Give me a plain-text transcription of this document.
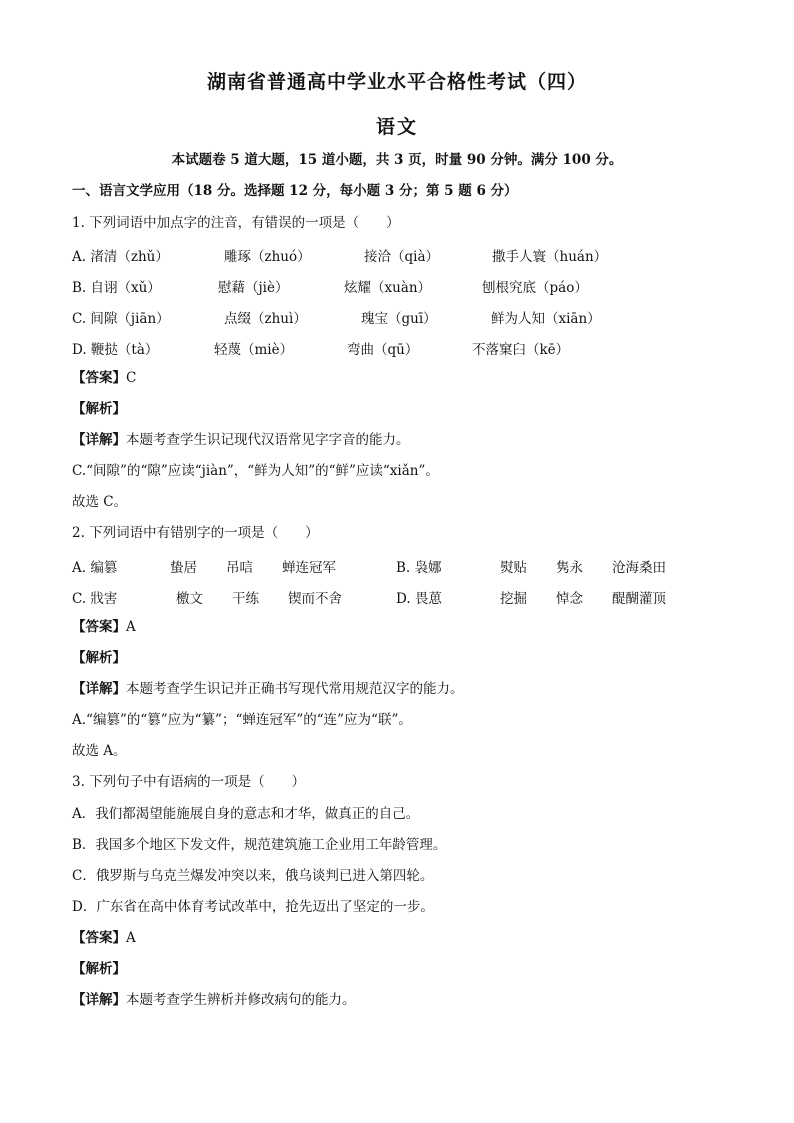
湖南省普通高中学业水平合格性考试（四）
语文
本试题卷 5 道大题，15 道小题，共 3 页，时量 90 分钟。满分 100 分。
一、语言文学应用（18 分。选择题 12 分，每小题 3 分；第 5 题 6 分）
1. 下列词语中加点字的注音，有错误的一项是（　　）
A. 渚清（zhǔ）	雕琢（zhuó）	接洽（qià）	撒手人寰（huán）
B. 自诩（xǔ）	慰藉（jiè）	炫耀（xuàn）	刨根究底（páo）
C. 间隙（jiān）	点缀（zhuì）	瑰宝（guī）	鲜为人知（xiān）
D. 鞭挞（tà）	轻蔑（miè）	弯曲（qū）	不落窠臼（kē）
【答案】C
【解析】
【详解】本题考查学生识记现代汉语常见字字音的能力。
C.“间隙”的“隙”应读“jiàn”，“鲜为人知”的“鲜”应读“xiǎn”。
故选 C。
2. 下列词语中有错别字的一项是（　　）
A. 编篡	蛰居 吊唁 蝉连冠军	B. 袅娜	熨贴 隽永 沧海桑田
C. 戕害	檄文 干练 锲而不舍	D. 畏葸	挖掘 悼念 醍醐灌顶
【答案】A
【解析】
【详解】本题考查学生识记并正确书写现代常用规范汉字的能力。
A.“编篡”的“篡”应为“纂”；“蝉连冠军”的“连”应为“联”。
故选 A。
3. 下列句子中有语病的一项是（　　）
A．我们都渴望能施展自身的意志和才华，做真正的自己。
B．我国多个地区下发文件，规范建筑施工企业用工年龄管理。
C．俄罗斯与乌克兰爆发冲突以来，俄乌谈判已进入第四轮。
D．广东省在高中体育考试改革中，抢先迈出了坚定的一步。
【答案】A
【解析】
【详解】本题考查学生辨析并修改病句的能力。
